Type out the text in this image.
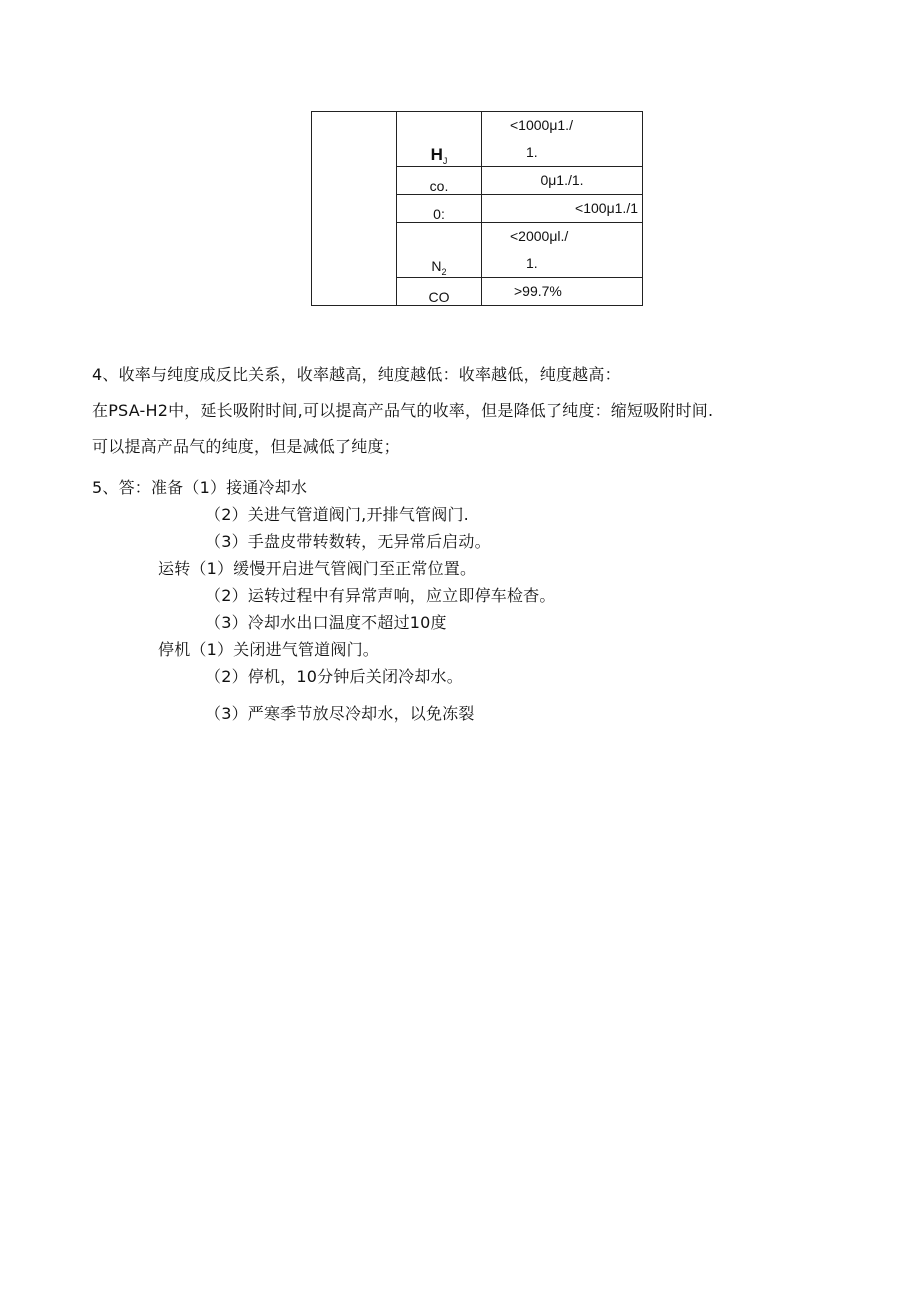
	$H_J$	<1000μ1./
1.

	co.	0μ1./1.
	0:	<100μ1./1
	$N_2$	<2000μl./
1.

	CO	>99.7%
4、收率与纯度成反比关系，收率越高，纯度越低：收率越低，纯度越高：
在PSA-H2中，延长吸附时间,可以提高产品气的收率，但是降低了纯度：缩短吸附时间.
可以提高产品气的纯度，但是减低了纯度；
5、答：准备（1）接通冷却水
（2）关进气管道阀门,开排气管阀门.
（3）手盘皮带转数转，无异常后启动。
运转（1）缓慢开启进气管阀门至正常位置。
（2）运转过程中有异常声响，应立即停车检杳。
（3）冷却水出口温度不超过10度
停机（1）关闭进气管道阀门。
（2）停机，10分钟后关闭冷却水。
（3）严寒季节放尽冷却水，以免冻裂
